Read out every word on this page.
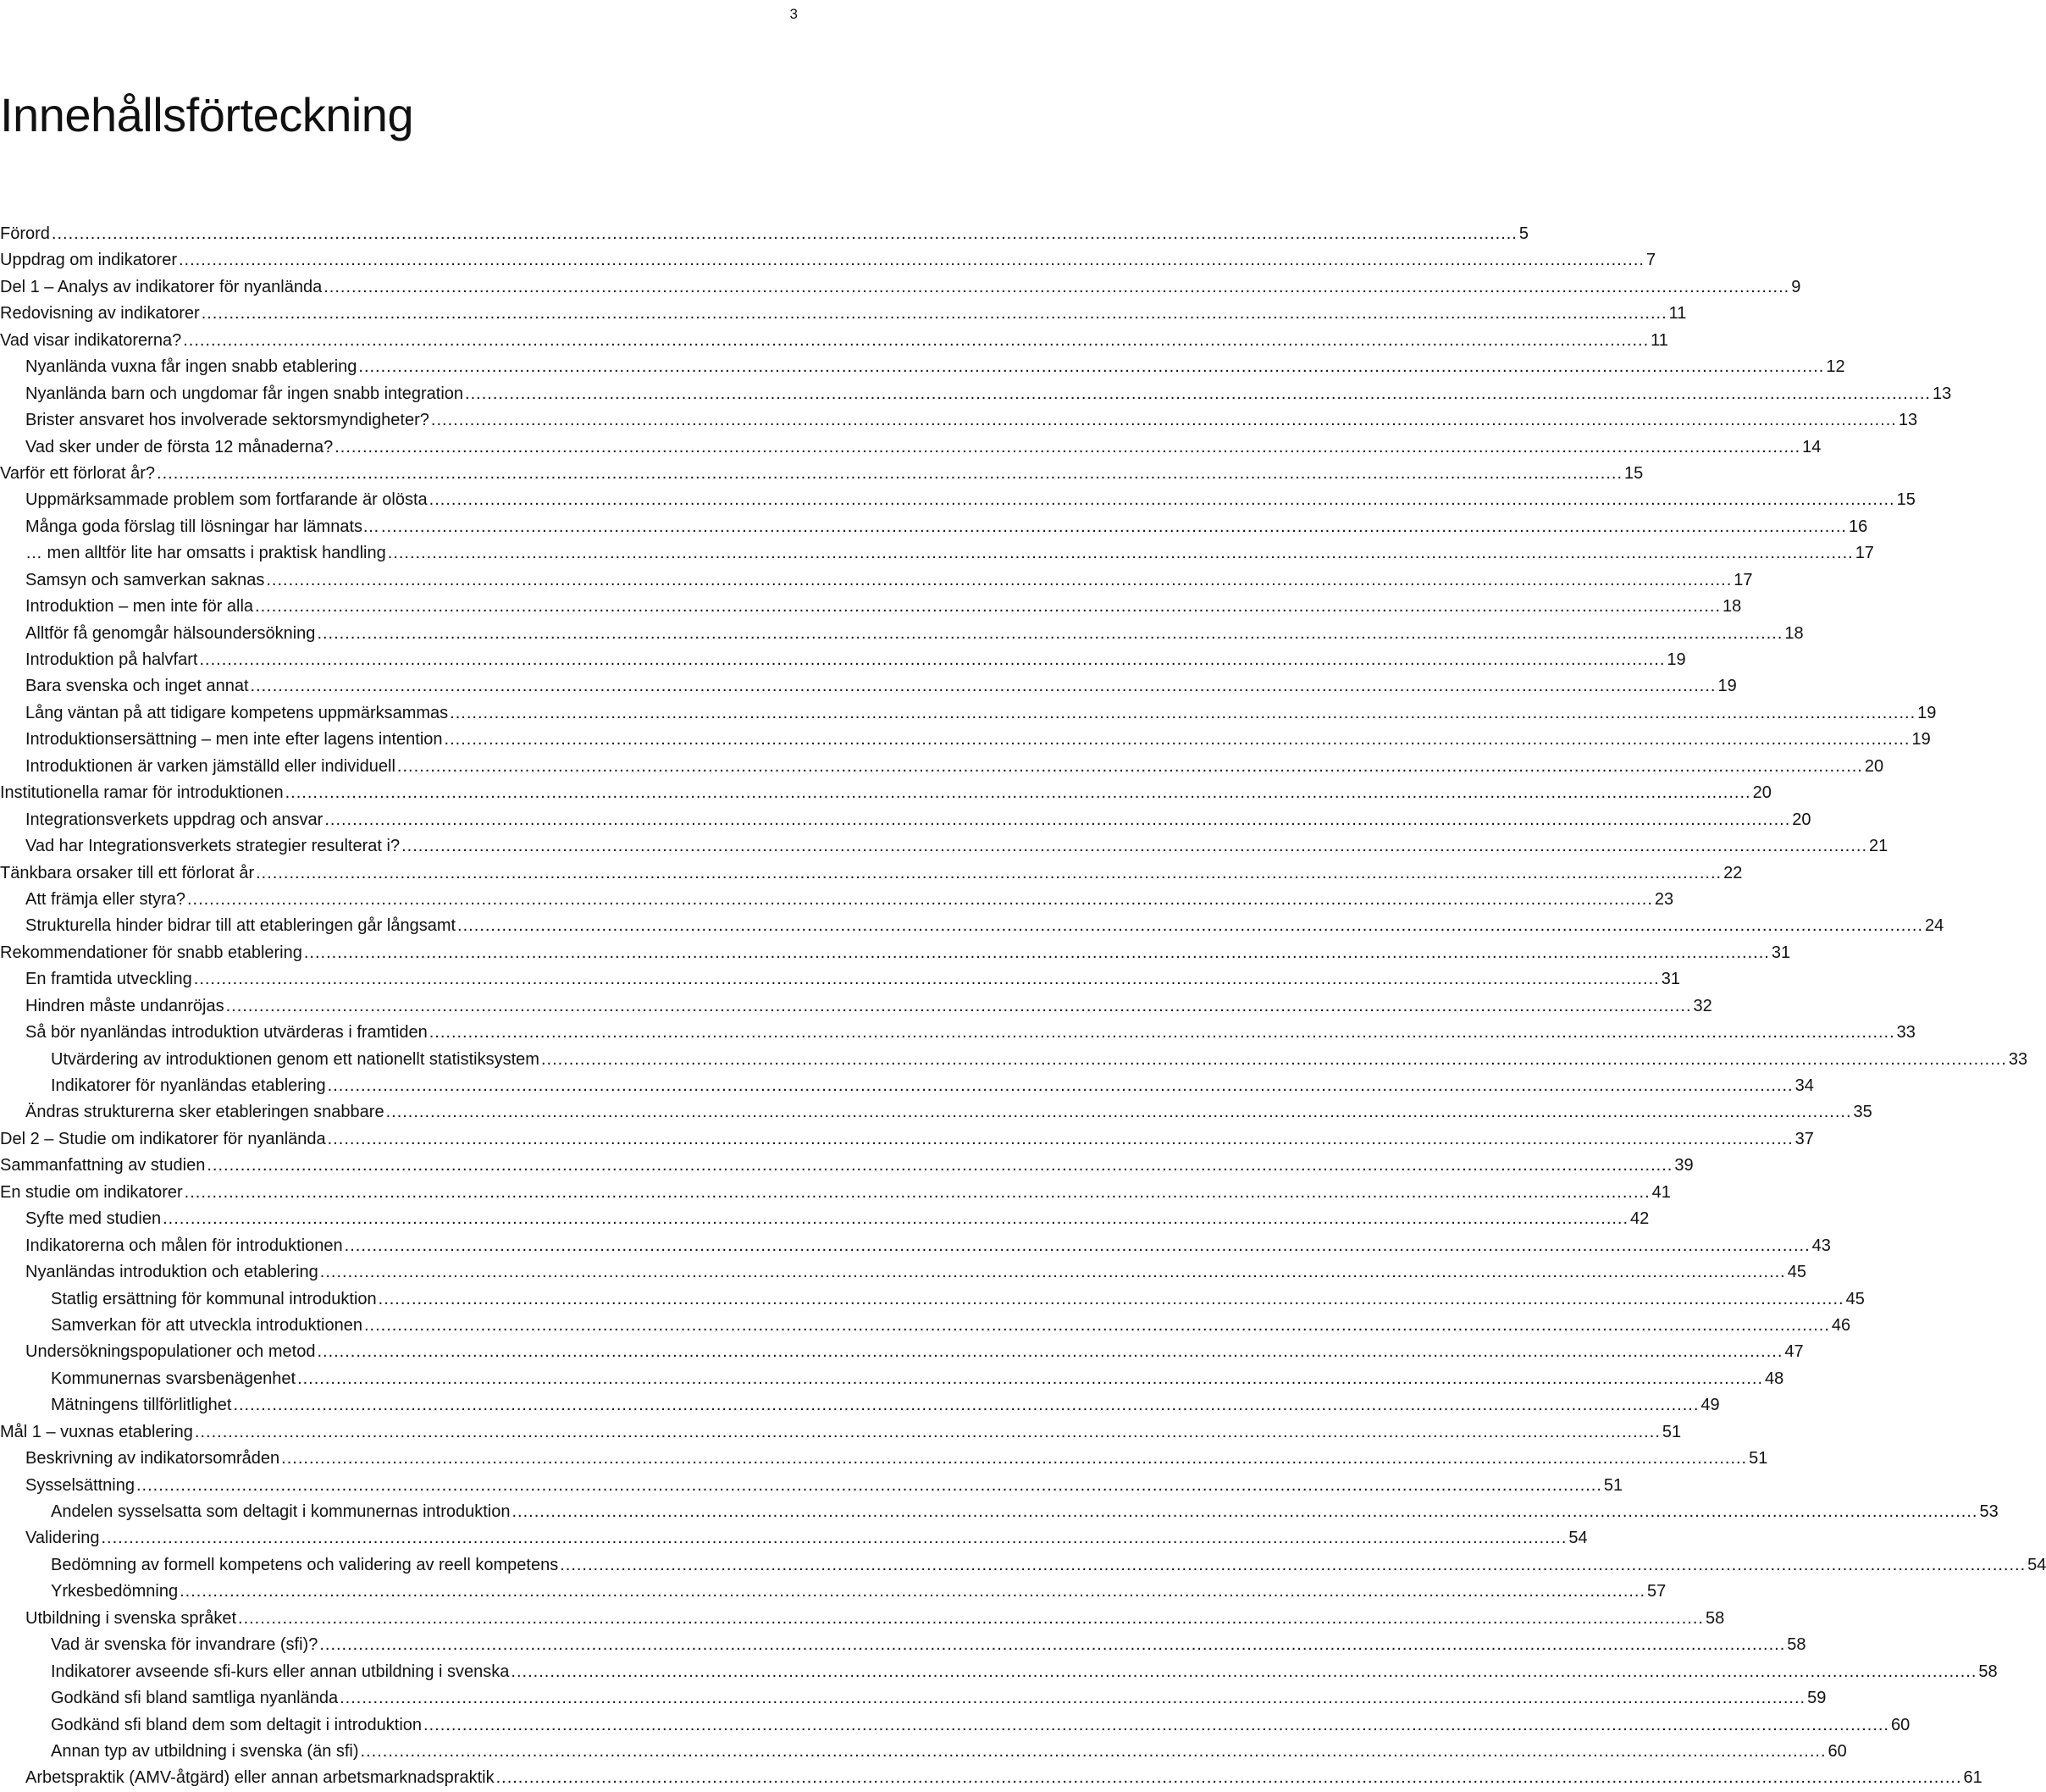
3
Innehållsförteckning
Förord .....	5
Uppdrag om indikatorer .....	7
Del 1 – Analys av indikatorer för nyanlända .....	9
Redovisning av indikatorer .....	11
Vad visar indikatorerna? .....	11
Nyanlända vuxna får ingen snabb etablering .....	12
Nyanlända barn och ungdomar får ingen snabb integration .....	13
Brister ansvaret hos involverade sektorsmyndigheter? .....	13
Vad sker under de första 12 månaderna? .....	14
Varför ett förlorat år? .....	15
Uppmärksammade problem som fortfarande är olösta .....	15
Många goda förslag till lösningar har lämnats… .....	16
… men alltför lite har omsatts i praktisk handling .....	17
Samsyn och samverkan saknas .....	17
Introduktion – men inte för alla .....	18
Alltför få genomgår hälsoundersökning .....	18
Introduktion på halvfart .....	19
Bara svenska och inget annat .....	19
Lång väntan på att tidigare kompetens uppmärksammas .....	19
Introduktionsersättning – men inte efter lagens intention .....	19
Introduktionen är varken jämställd eller individuell .....	20
Institutionella ramar för introduktionen .....	20
Integrationsverkets uppdrag och ansvar .....	20
Vad har Integrationsverkets strategier resulterat i? .....	21
Tänkbara orsaker till ett förlorat år .....	22
Att främja eller styra? .....	23
Strukturella hinder bidrar till att etableringen går långsamt .....	24
Rekommendationer för snabb etablering .....	31
En framtida utveckling .....	31
Hindren måste undanröjas .....	32
Så bör nyanländas introduktion utvärderas i framtiden .....	33
Utvärdering av introduktionen genom ett nationellt statistiksystem .....	33
Indikatorer för nyanländas etablering .....	34
Ändras strukturerna sker etableringen snabbare .....	35
Del 2 – Studie om indikatorer för nyanlända .....	37
Sammanfattning av studien .....	39
En studie om indikatorer .....	41
Syfte med studien .....	42
Indikatorerna och målen för introduktionen .....	43
Nyanländas introduktion och etablering .....	45
Statlig ersättning för kommunal introduktion .....	45
Samverkan för att utveckla introduktionen .....	46
Undersökningspopulationer och metod .....	47
Kommunernas svarsbenägenhet .....	48
Mätningens tillförlitlighet .....	49
Mål 1 – vuxnas etablering .....	51
Beskrivning av indikatorsområden .....	51
Sysselsättning .....	51
Andelen sysselsatta som deltagit i kommunernas introduktion .....	53
Validering .....	54
Bedömning av formell kompetens och validering av reell kompetens .....	54
Yrkesbedömning .....	57
Utbildning i svenska språket .....	58
Vad är svenska för invandrare (sfi)? .....	58
Indikatorer avseende sfi-kurs eller annan utbildning i svenska .....	58
Godkänd sfi bland samtliga nyanlända .....	59
Godkänd sfi bland dem som deltagit i introduktion .....	60
Annan typ av utbildning i svenska (än sfi) .....	60
Arbetspraktik (AMV-åtgärd) eller annan arbetsmarknadspraktik .....	61
